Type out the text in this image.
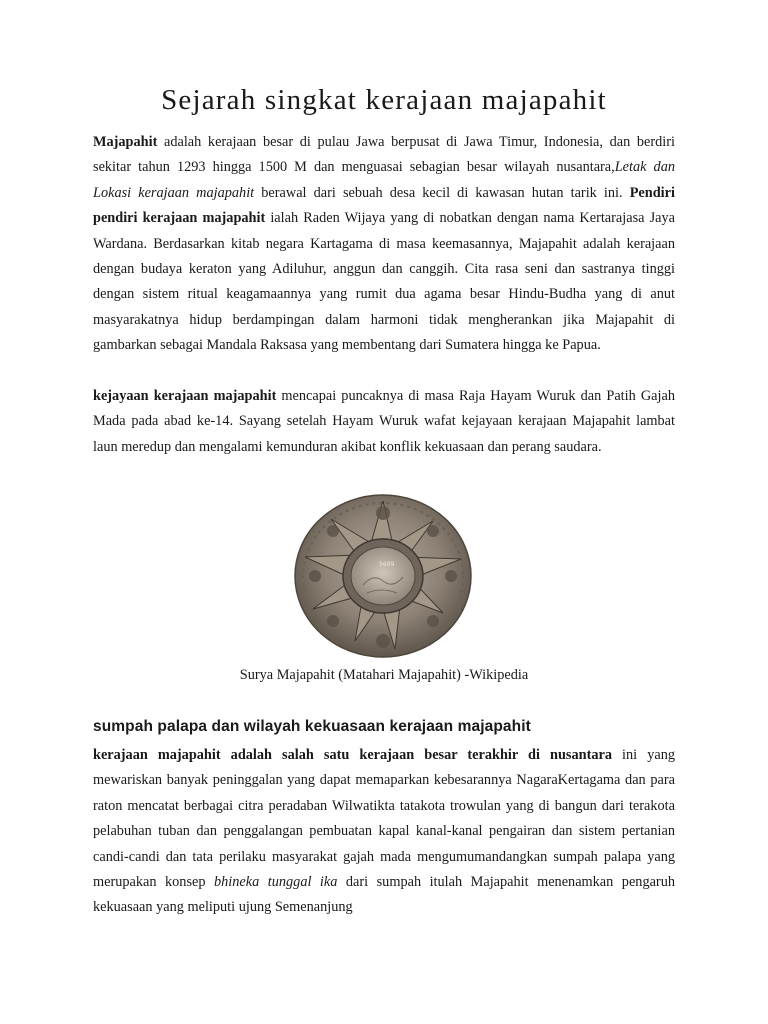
Sejarah singkat kerajaan majapahit

Majapahit adalah kerajaan besar di pulau Jawa berpusat di Jawa Timur, Indonesia, dan berdiri sekitar tahun 1293 hingga 1500 M dan menguasai sebagian besar wilayah nusantara,Letak dan Lokasi kerajaan majapahit berawal dari sebuah desa kecil di kawasan hutan tarik ini. Pendiri pendiri kerajaan majapahit ialah Raden Wijaya yang di nobatkan dengan nama Kertarajasa Jaya Wardana. Berdasarkan kitab negara Kartagama di masa keemasannya, Majapahit adalah kerajaan dengan budaya keraton yang Adiluhur, anggun dan canggih. Cita rasa seni dan sastranya tinggi dengan sistem ritual keagamaannya yang rumit dua agama besar Hindu-Budha yang di anut masyarakatnya hidup berdampingan dalam harmoni tidak mengherankan jika Majapahit di gambarkan sebagai Mandala Raksasa yang membentang dari Sumatera hingga ke Papua.

kejayaan kerajaan majapahit mencapai puncaknya di masa Raja Hayam Wuruk dan Patih Gajah Mada pada abad ke-14. Sayang setelah Hayam Wuruk wafat kejayaan kerajaan Majapahit lambat laun meredup dan mengalami kemunduran akibat konflik kekuasaan dan perang saudara.

5609

Surya Majapahit (Matahari Majapahit) -Wikipedia

sumpah palapa dan wilayah kekuasaan kerajaan majapahit

kerajaan majapahit adalah salah satu kerajaan besar terakhir di nusantara ini yang mewariskan banyak peninggalan yang dapat memaparkan kebesarannya NagaraKertagama dan para raton mencatat berbagai citra peradaban Wilwatikta tatakota trowulan yang di bangun dari terakota pelabuhan tuban dan penggalangan pembuatan kapal kanal-kanal pengairan dan sistem pertanian candi-candi dan tata perilaku masyarakat gajah mada mengumumandangkan sumpah palapa yang merupakan konsep bhineka tunggal ika dari sumpah itulah Majapahit menenamkan pengaruh kekuasaan yang meliputi ujung Semenanjung
